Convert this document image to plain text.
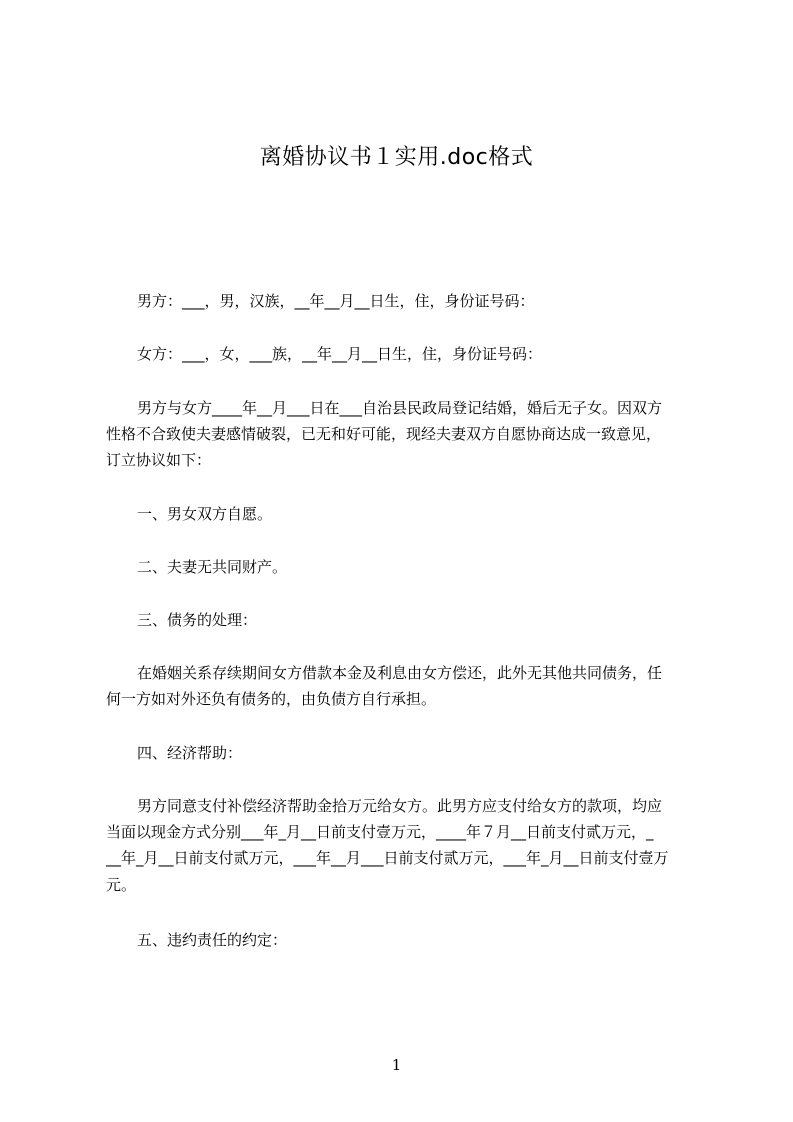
离婚协议书１实用.doc格式
男方：___，男，汉族，__年__月__日生，住，身份证号码：
女方：___，女，___族，__年__月__日生，住，身份证号码：
男方与女方____年__月___日在___自治县民政局登记结婚，婚后无子女。因双方
性格不合致使夫妻感情破裂，已无和好可能，现经夫妻双方自愿协商达成一致意见，
订立协议如下：
一、男女双方自愿。
二、夫妻无共同财产。
三、债务的处理：
在婚姻关系存续期间女方借款本金及利息由女方偿还，此外无其他共同债务，任
何一方如对外还负有债务的，由负债方自行承担。
四、经济帮助：
男方同意支付补偿经济帮助金拾万元给女方。此男方应支付给女方的款项，均应
当面以现金方式分别___年_月__日前支付壹万元，____年７月__日前支付贰万元，_
__年_月__日前支付贰万元，___年__月___日前支付贰万元，___年_月__日前支付壹万
元。
五、违约责任的约定：
1
